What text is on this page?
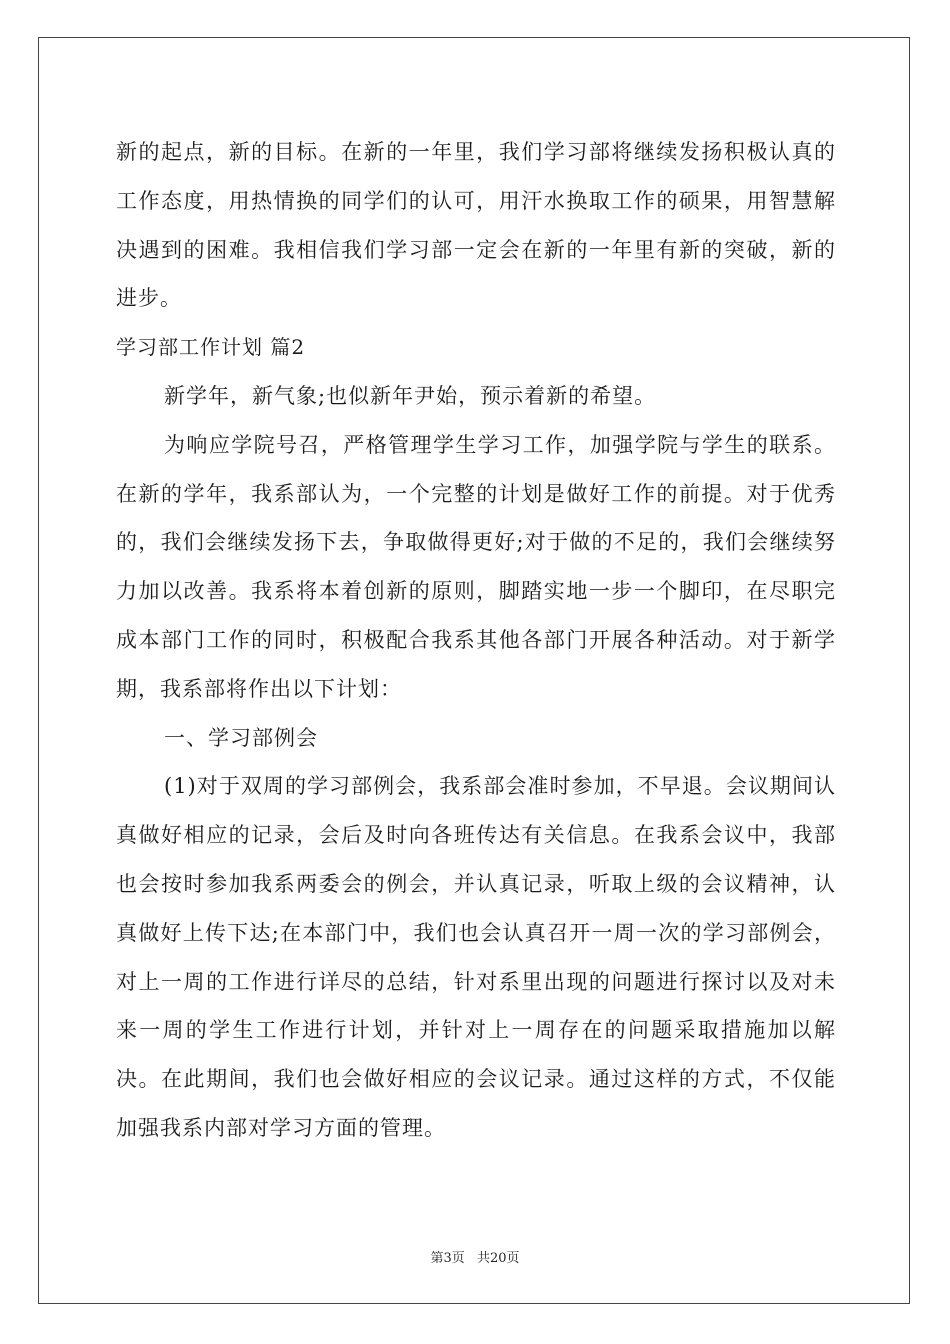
新的起点，新的目标。在新的一年里，我们学习部将继续发扬积极认真的工作态度，用热情换的同学们的认可，用汗水换取工作的硕果，用智慧解决遇到的困难。我相信我们学习部一定会在新的一年里有新的突破，新的进步。

学习部工作计划 篇2

新学年，新气象;也似新年尹始，预示着新的希望。

为响应学院号召，严格管理学生学习工作，加强学院与学生的联系。在新的学年，我系部认为，一个完整的计划是做好工作的前提。对于优秀的，我们会继续发扬下去，争取做得更好;对于做的不足的，我们会继续努力加以改善。我系将本着创新的原则，脚踏实地一步一个脚印，在尽职完成本部门工作的同时，积极配合我系其他各部门开展各种活动。对于新学期，我系部将作出以下计划：

一、学习部例会

(1)对于双周的学习部例会，我系部会准时参加，不早退。会议期间认真做好相应的记录，会后及时向各班传达有关信息。在我系会议中，我部也会按时参加我系两委会的例会，并认真记录，听取上级的会议精神，认真做好上传下达;在本部门中，我们也会认真召开一周一次的学习部例会，对上一周的工作进行详尽的总结，针对系里出现的问题进行探讨以及对未来一周的学生工作进行计划，并针对上一周存在的问题采取措施加以解决。在此期间，我们也会做好相应的会议记录。通过这样的方式，不仅能加强我系内部对学习方面的管理。

第3页 共20页
